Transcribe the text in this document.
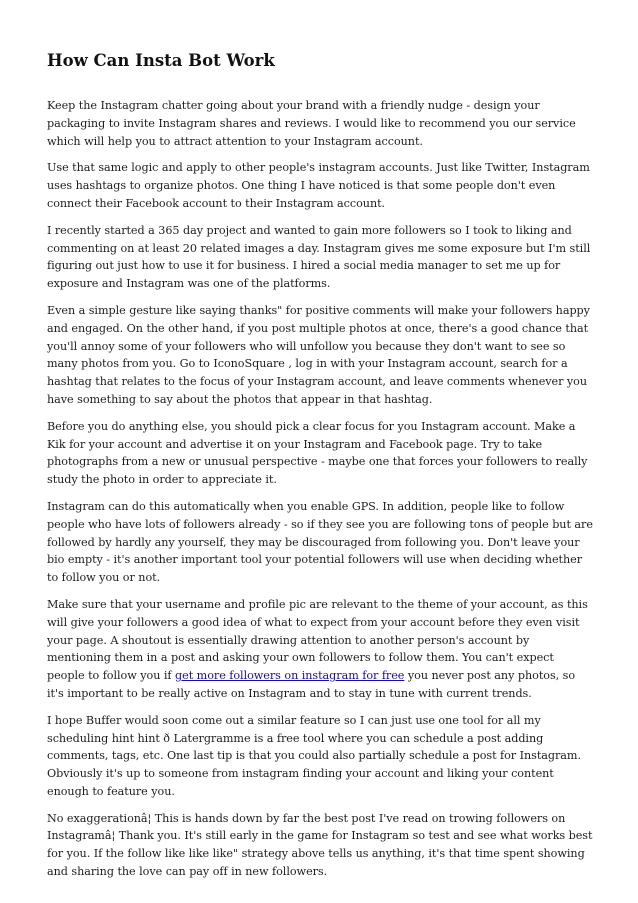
How Can Insta Bot Work

Keep the Instagram chatter going about your brand with a friendly nudge - design your packaging to invite Instagram shares and reviews. I would like to recommend you our service which will help you to attract attention to your Instagram account.

Use that same logic and apply to other people's instagram accounts. Just like Twitter, Instagram uses hashtags to organize photos. One thing I have noticed is that some people don't even connect their Facebook account to their Instagram account.

I recently started a 365 day project and wanted to gain more followers so I took to liking and commenting on at least 20 related images a day. Instagram gives me some exposure but I'm still figuring out just how to use it for business. I hired a social media manager to set me up for exposure and Instagram was one of the platforms.

Even a simple gesture like saying thanks" for positive comments will make your followers happy and engaged. On the other hand, if you post multiple photos at once, there's a good chance that you'll annoy some of your followers who will unfollow you because they don't want to see so many photos from you. Go to IconoSquare , log in with your Instagram account, search for a hashtag that relates to the focus of your Instagram account, and leave comments whenever you have something to say about the photos that appear in that hashtag.

Before you do anything else, you should pick a clear focus for you Instagram account. Make a Kik for your account and advertise it on your Instagram and Facebook page. Try to take photographs from a new or unusual perspective - maybe one that forces your followers to really study the photo in order to appreciate it.

Instagram can do this automatically when you enable GPS. In addition, people like to follow people who have lots of followers already - so if they see you are following tons of people but are followed by hardly any yourself, they may be discouraged from following you. Don't leave your bio empty - it's another important tool your potential followers will use when deciding whether to follow you or not.

Make sure that your username and profile pic are relevant to the theme of your account, as this will give your followers a good idea of what to expect from your account before they even visit your page. A shoutout is essentially drawing attention to another person's account by mentioning them in a post and asking your own followers to follow them. You can't expect people to follow you if get more followers on instagram for free you never post any photos, so it's important to be really active on Instagram and to stay in tune with current trends.

I hope Buffer would soon come out a similar feature so I can just use one tool for all my scheduling hint hint ð Latergramme is a free tool where you can schedule a post adding comments, tags, etc. One last tip is that you could also partially schedule a post for Instagram. Obviously it's up to someone from instagram finding your account and liking your content enough to feature you.

No exaggerationâ¦ This is hands down by far the best post I've read on trowing followers on Instagramâ¦ Thank you. It's still early in the game for Instagram so test and see what works best for you. If the follow like like like" strategy above tells us anything, it's that time spent showing and sharing the love can pay off in new followers.
